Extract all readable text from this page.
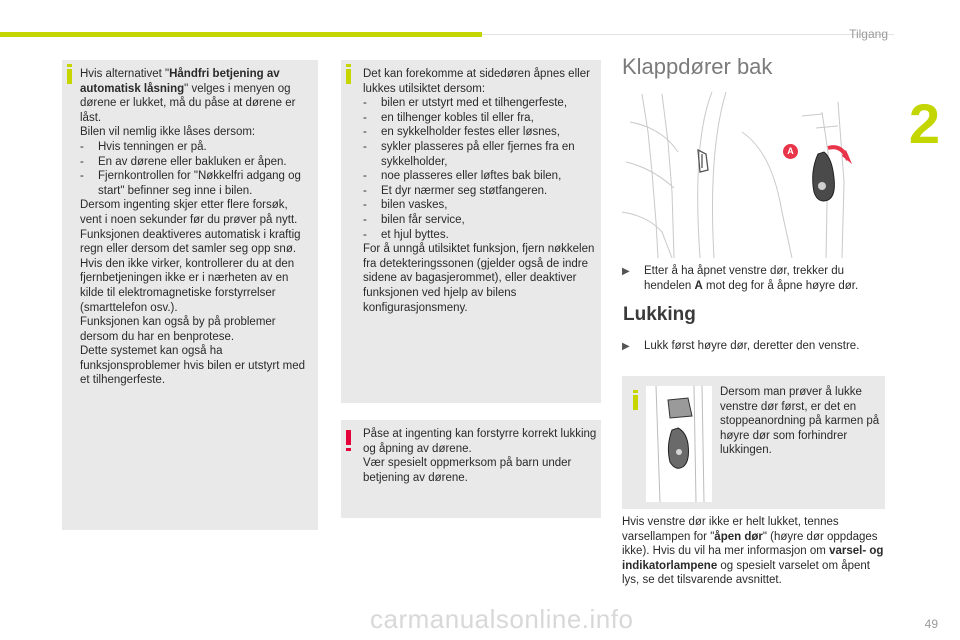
Tilgang
2

Hvis alternativet "Håndfri betjening av automatisk låsning" velges i menyen og dørene er lukket, må du påse at dørene er låst.

Bilen vil nemlig ikke låses dersom:

-	Hvis tenningen er på.
-	En av dørene eller bakluken er åpen.
-	Fjernkontrollen for "Nøkkelfri adgang og start" befinner seg inne i bilen.

Dersom ingenting skjer etter flere forsøk, vent i noen sekunder før du prøver på nytt.

Funksjonen deaktiveres automatisk i kraftig regn eller dersom det samler seg opp snø.

Hvis den ikke virker, kontrollerer du at den fjernbetjeningen ikke er i nærheten av en kilde til elektromagnetiske forstyrrelser (smarttelefon osv.).

Funksjonen kan også by på problemer dersom du har en benprotese.

Dette systemet kan også ha funksjonsproblemer hvis bilen er utstyrt med et tilhengerfeste.

Det kan forekomme at sidedøren åpnes eller lukkes utilsiktet dersom:

-	bilen er utstyrt med et tilhengerfeste,
-	en tilhenger kobles til eller fra,
-	en sykkelholder festes eller løsnes,
-	sykler plasseres på eller fjernes fra en sykkelholder,
-	noe plasseres eller løftes bak bilen,
-	Et dyr nærmer seg støtfangeren.
-	bilen vaskes,
-	bilen får service,
-	et hjul byttes.

For å unngå utilsiktet funksjon, fjern nøkkelen fra detekteringssonen (gjelder også de indre sidene av bagasjerommet), eller deaktiver funksjonen ved hjelp av bilens konfigurasjonsmeny.

Påse at ingenting kan forstyrre korrekt lukking og åpning av dørene.

Vær spesielt oppmerksom på barn under betjening av dørene.

Klappdører bak
A
▶	Etter å ha åpnet venstre dør, trekker du hendelen A mot deg for å åpne høyre dør.
Lukking
▶	Lukk først høyre dør, deretter den venstre.
Dersom man prøver å lukke venstre dør først, er det en stoppeanordning på karmen på høyre dør som forhindrer lukkingen.

Hvis venstre dør ikke er helt lukket, tennes varsellampen for "åpen dør" (høyre dør oppdages ikke). Hvis du vil ha mer informasjon om varsel- og indikatorlampene og spesielt varselet om åpent lys, se det tilsvarende avsnittet.

carmanualsonline.info	49
